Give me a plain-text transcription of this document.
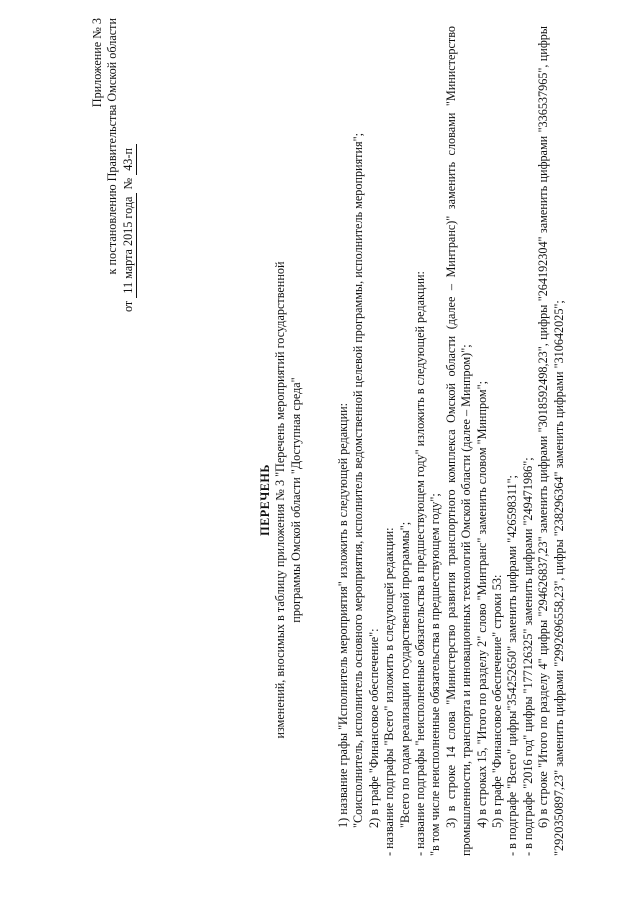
Приложение № 3 к постановлению Правительства Омской области
от 11 марта 2015 года № 43-п
ПЕРЕЧЕНЬ изменений, вносимых в таблицу приложения № 3 "Перечень мероприятий государственной программы Омской области "Доступная среда"	1) название графы "Исполнитель мероприятия" изложить в следующей редакции: "Соисполнитель, исполнитель основного мероприятия, исполнитель ведомственной целевой программы, исполнитель мероприятия"; 2) в графе "Финансовое обеспечение": - название подграфы "Всего" изложить в следующей редакции: "Всего по годам реализации государственной программы"; - название подграфы "неисполненные обязательства в предшествующем году" изложить в следующей редакции: "в том числе неисполненные обязательства в предшествующем году"; 3) в строке 14 слова "Министерство развития транспортного комплекса Омской области (далее – Минтранс)" заменить словами "Министерство промышленности, транспорта и инновационных технологий Омской области (далее – Минпром)"; 4) в строках 15, "Итого по разделу 2" слово "Минтранс" заменить словом "Минпром"; 5) в графе "Финансовое обеспечение" строки 53: - в подграфе "Всего" цифры"354252650" заменить цифрами "426598311"; - в подграфе "2016 год" цифры "177126325" заменить цифрами "249471986"; 6) в строке "Итого по разделу 4" цифры "294626837,23" заменить цифрами "3018592498,23", цифры "264192304" заменить цифрами "336537965", цифры "2920350897,23" заменить цифрами "2992696558,23", цифры "238296364" заменить цифрами "310642025";
